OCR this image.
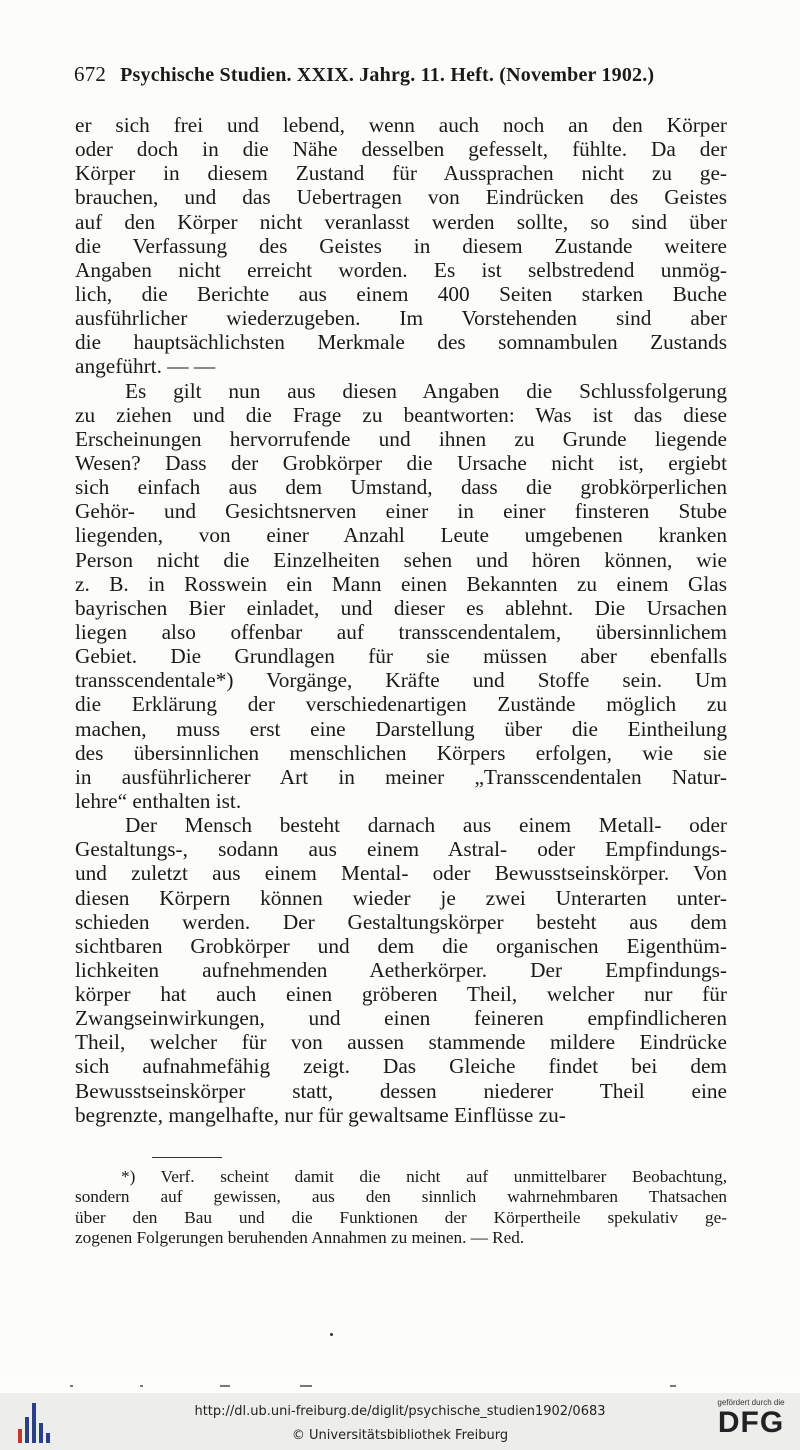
672 Psychische Studien. XXIX. Jahrg. 11. Heft. (November 1902.)
er sich frei und lebend, wenn auch noch an den Körper
oder doch in die Nähe desselben gefesselt, fühlte. Da der
Körper in diesem Zustand für Aussprachen nicht zu ge-
brauchen, und das Uebertragen von Eindrücken des Geistes
auf den Körper nicht veranlasst werden sollte, so sind über
die Verfassung des Geistes in diesem Zustande weitere
Angaben nicht erreicht worden. Es ist selbstredend unmög-
lich, die Berichte aus einem 400 Seiten starken Buche
ausführlicher wiederzugeben. Im Vorstehenden sind aber
die hauptsächlichsten Merkmale des somnambulen Zustands
angeführt. — —
Es gilt nun aus diesen Angaben die Schlussfolgerung
zu ziehen und die Frage zu beantworten: Was ist das diese
Erscheinungen hervorrufende und ihnen zu Grunde liegende
Wesen? Dass der Grobkörper die Ursache nicht ist, ergiebt
sich einfach aus dem Umstand, dass die grobkörperlichen
Gehör- und Gesichtsnerven einer in einer finsteren Stube
liegenden, von einer Anzahl Leute umgebenen kranken
Person nicht die Einzelheiten sehen und hören können, wie
z. B. in Rosswein ein Mann einen Bekannten zu einem Glas
bayrischen Bier einladet, und dieser es ablehnt. Die Ursachen
liegen also offenbar auf transscendentalem, übersinnlichem
Gebiet. Die Grundlagen für sie müssen aber ebenfalls
transscendentale*) Vorgänge, Kräfte und Stoffe sein. Um
die Erklärung der verschiedenartigen Zustände möglich zu
machen, muss erst eine Darstellung über die Eintheilung
des übersinnlichen menschlichen Körpers erfolgen, wie sie
in ausführlicherer Art in meiner „Transscendentalen Natur-
lehre“ enthalten ist.
Der Mensch besteht darnach aus einem Metall- oder
Gestaltungs-, sodann aus einem Astral- oder Empfindungs-
und zuletzt aus einem Mental- oder Bewusstseinskörper. Von
diesen Körpern können wieder je zwei Unterarten unter-
schieden werden. Der Gestaltungskörper besteht aus dem
sichtbaren Grobkörper und dem die organischen Eigenthüm-
lichkeiten aufnehmenden Aetherkörper. Der Empfindungs-
körper hat auch einen gröberen Theil, welcher nur für
Zwangseinwirkungen, und einen feineren empfindlicheren
Theil, welcher für von aussen stammende mildere Eindrücke
sich aufnahmefähig zeigt. Das Gleiche findet bei dem
Bewusstseinskörper statt, dessen niederer Theil eine
begrenzte, mangelhafte, nur für gewaltsame Einflüsse zu-
*) Verf. scheint damit die nicht auf unmittelbarer Beobachtung,
sondern auf gewissen, aus den sinnlich wahrnehmbaren Thatsachen
über den Bau und die Funktionen der Körpertheile spekulativ ge-
zogenen Folgerungen beruhenden Annahmen zu meinen. — Red.
http://dl.ub.uni-freiburg.de/diglit/psychische_studien1902/0683
© Universitätsbibliothek Freiburg
gefördert durch die
DFG
